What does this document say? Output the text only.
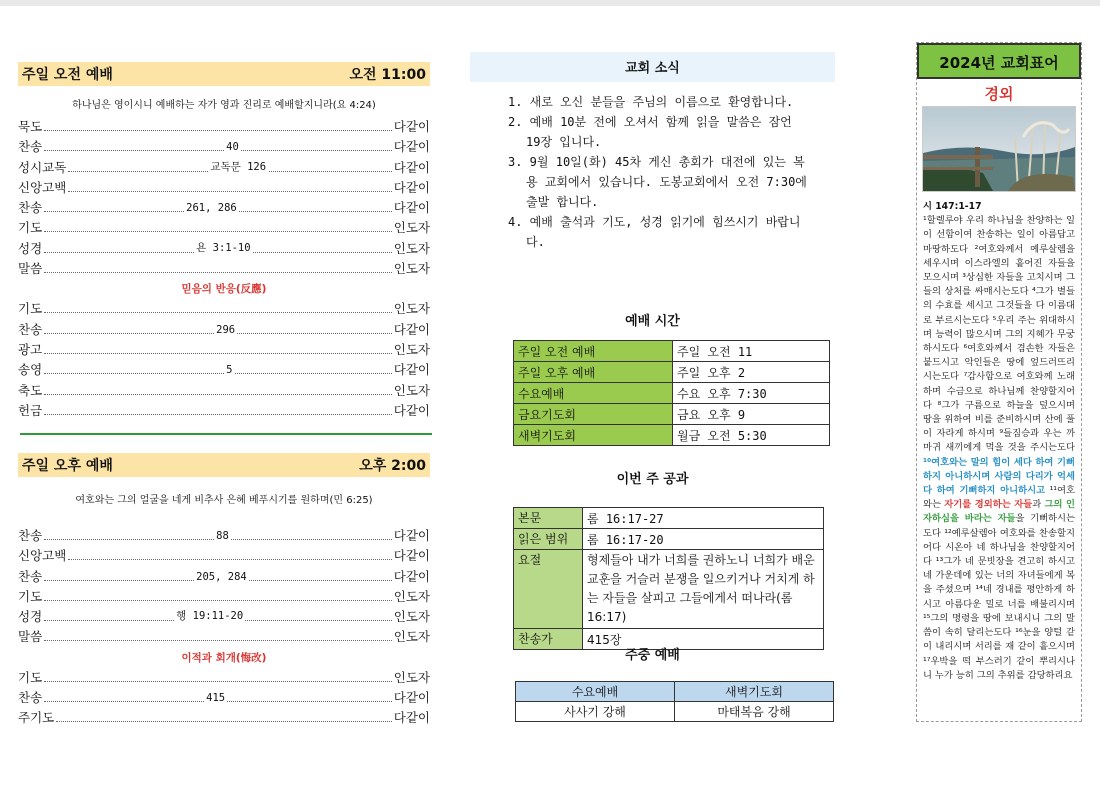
주일 오전 예배	오전 11:00
하나님은 영이시니 예배하는 자가 영과 진리로 예배할지니라(요 4:24)
묵도	다같이
찬송	40	다같이
성시교독	교독문 126	다같이
신앙고백	다같이
찬송	261, 286	다같이
기도	인도자
성경	욘 3:1-10	인도자
말씀	인도자
믿음의 반응(反應)
기도	인도자
찬송	296	다같이
광고	인도자
송영	5	다같이
축도	인도자
헌금	다같이
주일 오후 예배	오후 2:00
여호와는 그의 얼굴을 네게 비추사 은혜 베푸시기를 원하며(민 6:25)
찬송	88	다같이
신앙고백	다같이
찬송	205, 284	다같이
기도	인도자
성경	행 19:11-20	인도자
말씀	인도자
이적과 회개(悔改)
기도	인도자
찬송	415	다같이
주기도	다같이
교회 소식
1. 새로 오신 분들을 주님의 이름으로 환영합니다.
2. 예배 10분 전에 오셔서 함께 읽을 말씀은 잠언 19장 입니다.
3. 9월 10일(화) 45차 게신 총회가 대전에 있는 복용 교회에서 있습니다. 도봉교회에서 오전 7:30에 출발 합니다.
4. 예배 출석과 기도, 성경 읽기에 힘쓰시기 바랍니다.
예배 시간
주일 오전 예배	주일 오전 11
주일 오후 예배	주일 오후 2
수요예배	수요 오후 7:30
금요기도회	금요 오후 9
새벽기도회	월금 오전 5:30
이번 주 공과
본문	롬 16:17-27
읽은 범위	롬 16:17-20
요절	형제들아 내가 너희를 권하노니 너희가 배운 교훈을 거슬러 분쟁을 일으키거나 거치게 하는 자들을 살피고 그들에게서 떠나라(롬 16:17)
찬송가	415장
주중 예배
수요예배	새벽기도회
사사기 강해	마태복음 강해
2024년 교회표어
경외
시 147:1-17
¹할렐루야 우리 하나님을 찬양하는 일이 선함이여 찬송하는 일이 아름답고 마땅하도다 ²여호와께서 예루살렘을 세우시며 이스라엘의 흩어진 자들을 모으시며 ³상심한 자들을 고치시며 그들의 상처를 싸매시는도다 ⁴그가 별들의 수효를 세시고 그것들을 다 이름대로 부르시는도다 ⁵우리 주는 위대하시며 능력이 많으시며 그의 지혜가 무궁하시도다 ⁶여호와께서 겸손한 자들은 붙드시고 악인들은 땅에 엎드러뜨리시는도다 ⁷감사함으로 여호와께 노래하며 수금으로 하나님께 찬양할지어다 ⁸그가 구름으로 하늘을 덮으시며 땅을 위하여 비를 준비하시며 산에 풀이 자라게 하시며 ⁹들짐승과 우는 까마귀 새끼에게 먹을 것을 주시는도다 ¹⁰여호와는 말의 힘이 세다 하여 기뻐하지 아니하시며 사람의 다리가 억세다 하여 기뻐하지 아니하시고 ¹¹여호와는 자기를 경외하는 자들과 그의 인자하심을 바라는 자들을 기뻐하시는도다 ¹²예루살렘아 여호와를 찬송할지어다 시온아 네 하나님을 찬양할지어다 ¹³그가 네 문빗장을 견고히 하시고 네 가운데에 있는 너의 자녀들에게 복을 주셨으며 ¹⁴네 경내를 평안하게 하시고 아름다운 밀로 너를 배불리시며 ¹⁵그의 명령을 땅에 보내시니 그의 말씀이 속히 달리는도다 ¹⁶눈을 양털 같이 내리시며 서리를 재 같이 흩으시며 ¹⁷우박을 떡 부스러기 같이 뿌리시나니 누가 능히 그의 추위를 감당하리요
